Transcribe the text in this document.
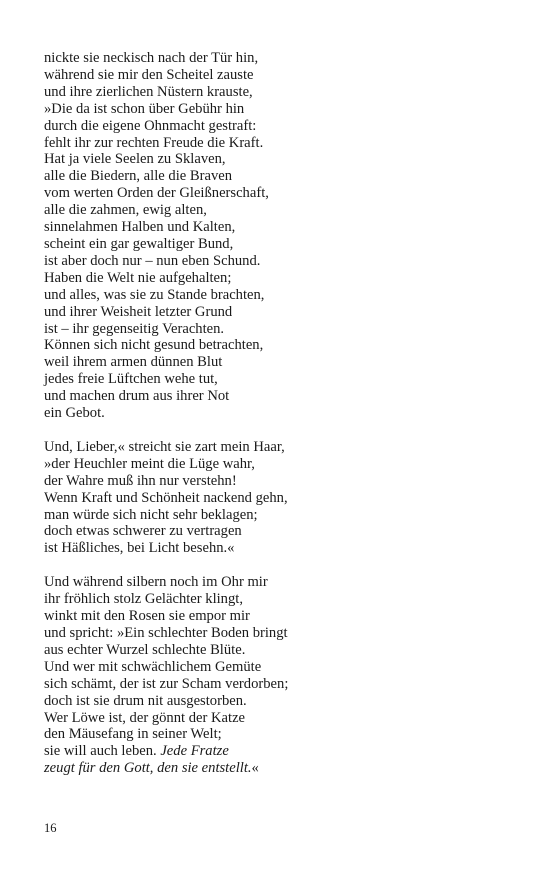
nickte sie neckisch nach der Tür hin,
während sie mir den Scheitel zauste
und ihre zierlichen Nüstern krauste,
»Die da ist schon über Gebühr hin
durch die eigene Ohnmacht gestraft:
fehlt ihr zur rechten Freude die Kraft.
Hat ja viele Seelen zu Sklaven,
alle die Biedern, alle die Braven
vom werten Orden der Gleißnerschaft,
alle die zahmen, ewig alten,
sinnelahmen Halben und Kalten,
scheint ein gar gewaltiger Bund,
ist aber doch nur – nun eben Schund.
Haben die Welt nie aufgehalten;
und alles, was sie zu Stande brachten,
und ihrer Weisheit letzter Grund
ist – ihr gegenseitig Verachten.
Können sich nicht gesund betrachten,
weil ihrem armen dünnen Blut
jedes freie Lüftchen wehe tut,
und machen drum aus ihrer Not
ein Gebot.
Und, Lieber,« streicht sie zart mein Haar,
»der Heuchler meint die Lüge wahr,
der Wahre muß ihn nur verstehn!
Wenn Kraft und Schönheit nackend gehn,
man würde sich nicht sehr beklagen;
doch etwas schwerer zu vertragen
ist Häßliches, bei Licht besehn.«
Und während silbern noch im Ohr mir
ihr fröhlich stolz Gelächter klingt,
winkt mit den Rosen sie empor mir
und spricht: »Ein schlechter Boden bringt
aus echter Wurzel schlechte Blüte.
Und wer mit schwächlichem Gemüte
sich schämt, der ist zur Scham verdorben;
doch ist sie drum nit ausgestorben.
Wer Löwe ist, der gönnt der Katze
den Mäusefang in seiner Welt;
sie will auch leben. Jede Fratze
zeugt für den Gott, den sie entstellt.«
16
